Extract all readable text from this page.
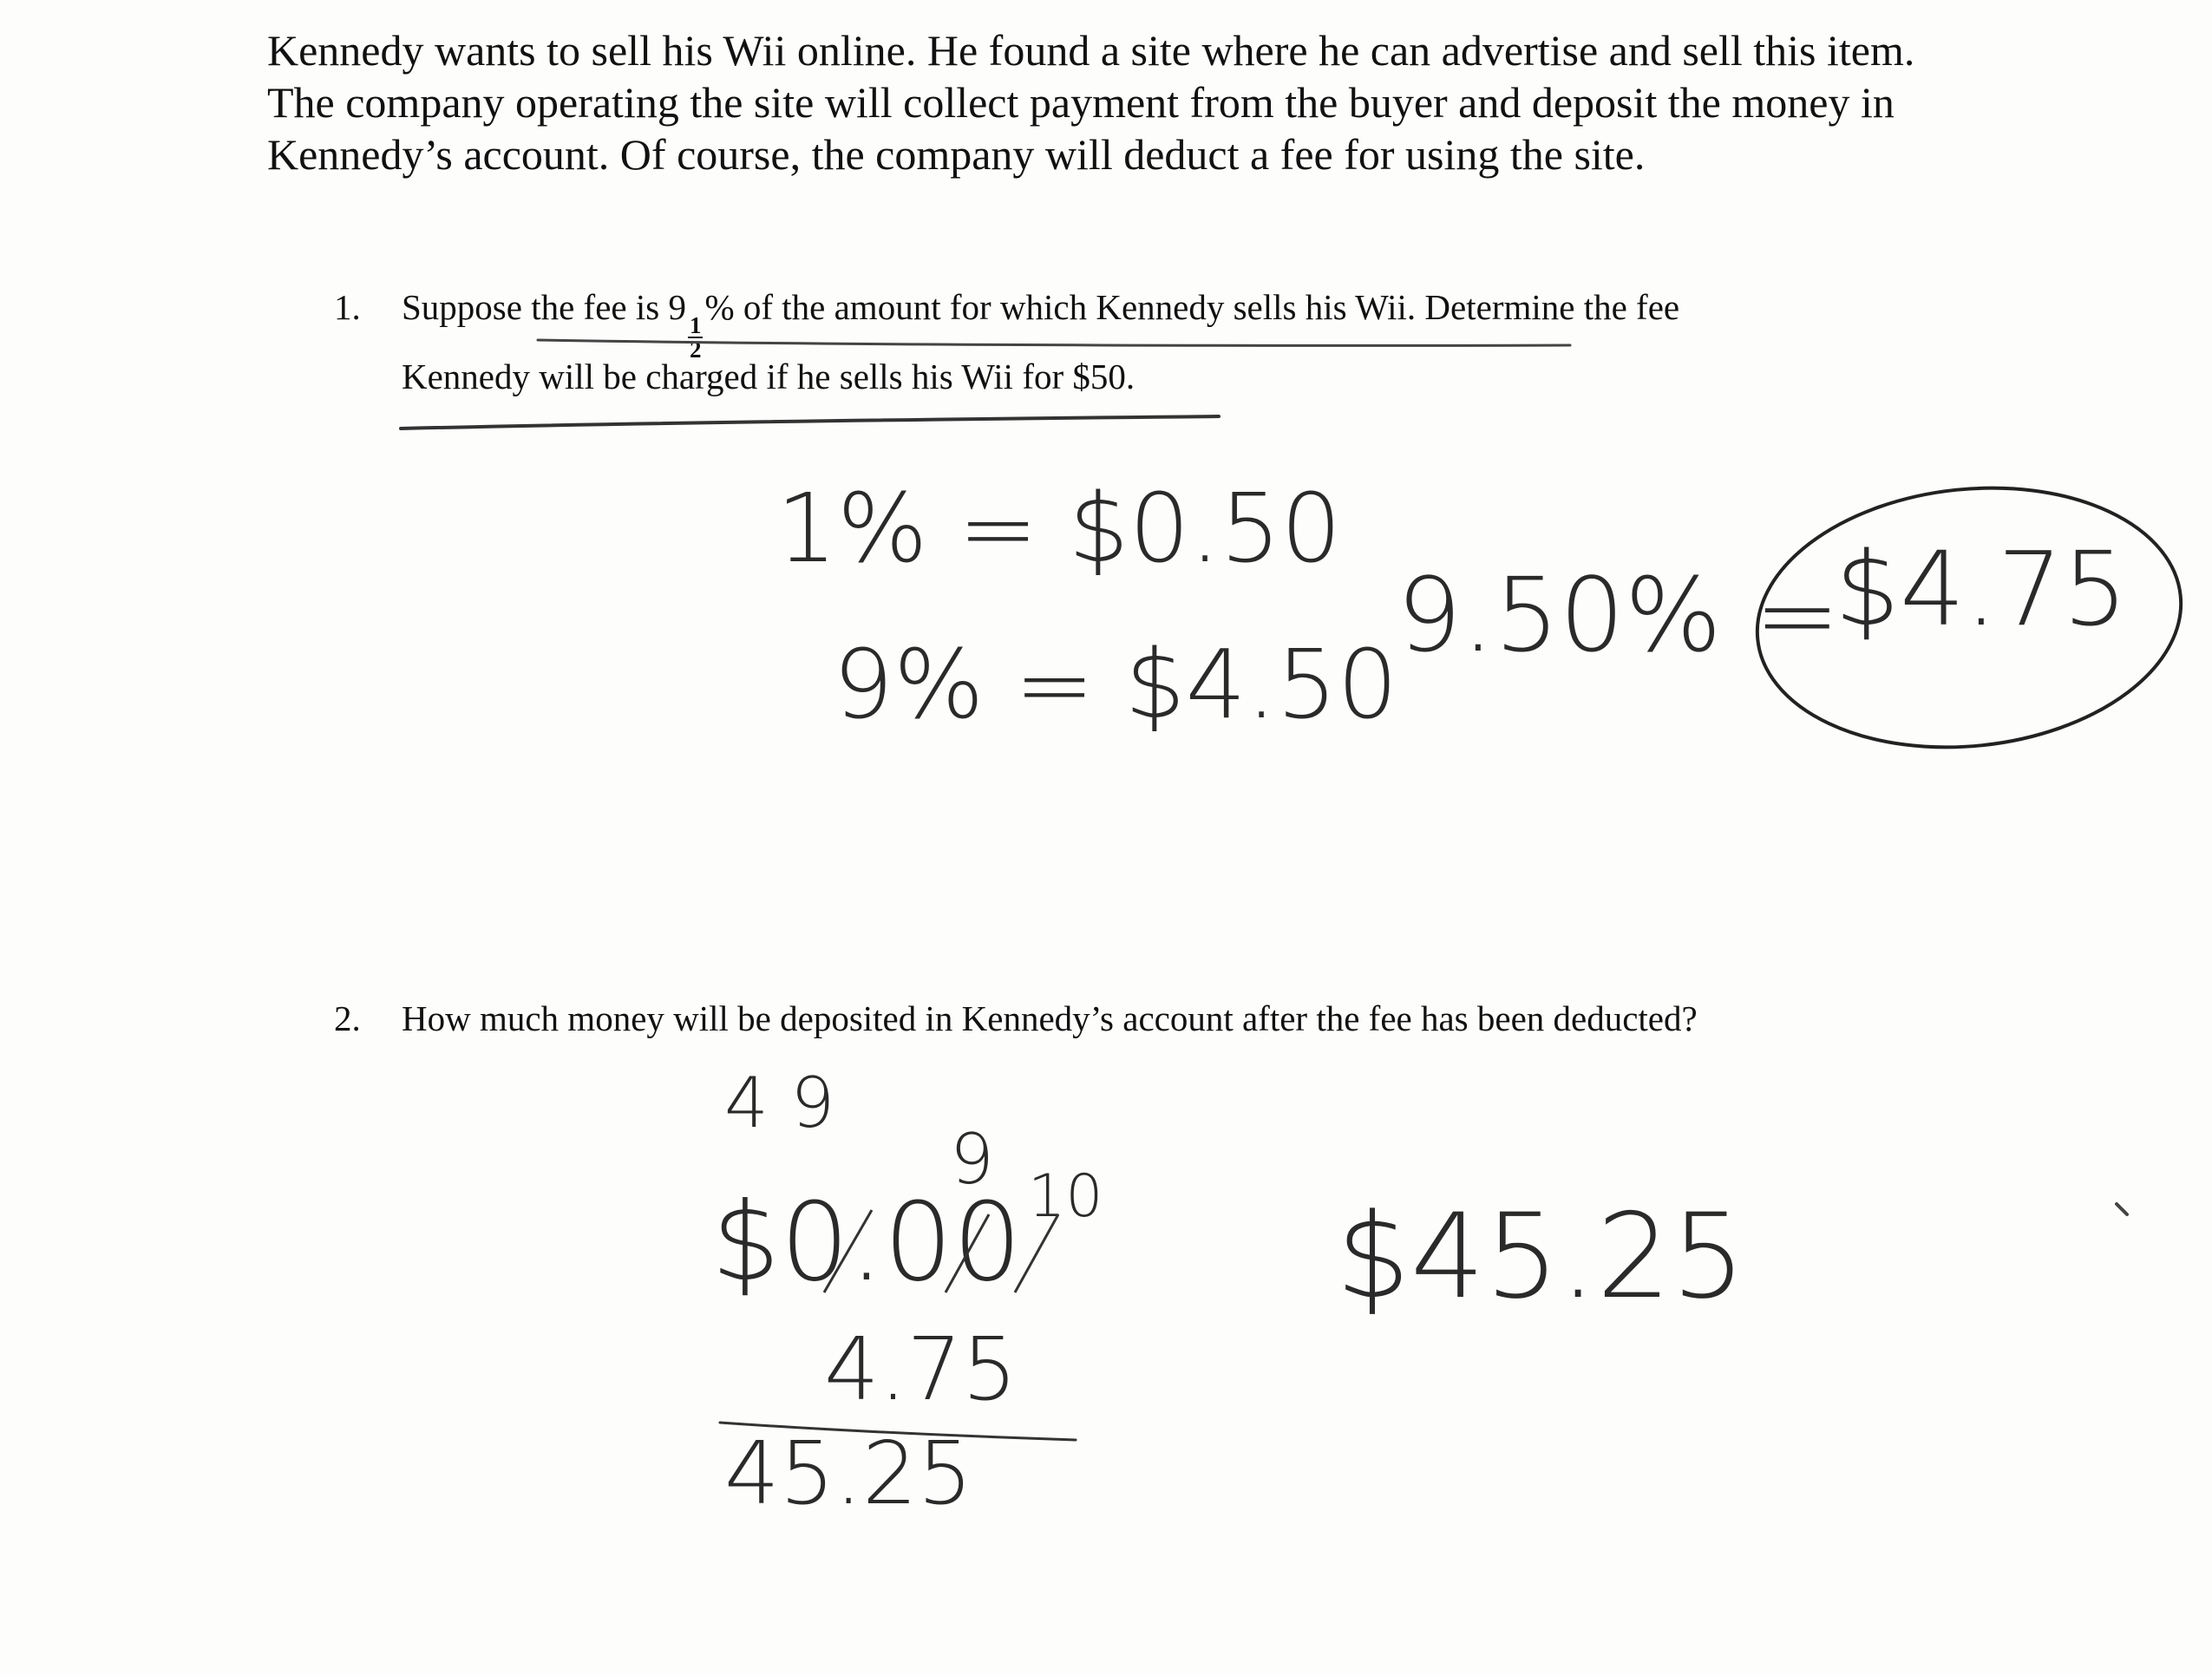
Kennedy wants to sell his Wii online. He found a site where he can advertise and sell this item.
The company operating the site will collect payment from the buyer and deposit the money in
Kennedy’s account. Of course, the company will deduct a fee for using the site.
1. Suppose the fee is 9
$\frac{1}{2}$
% of the amount for which Kennedy sells his Wii. Determine the fee
Kennedy will be charged if he sells his Wii for $50.
1% = $0.50
9% = $4.50
9.50% =
$4.75
2. How much money will be deposited in Kennedy’s account after the fee has been deducted?
4 9
9 10
$0.00
4.75
45.25
$45.25
